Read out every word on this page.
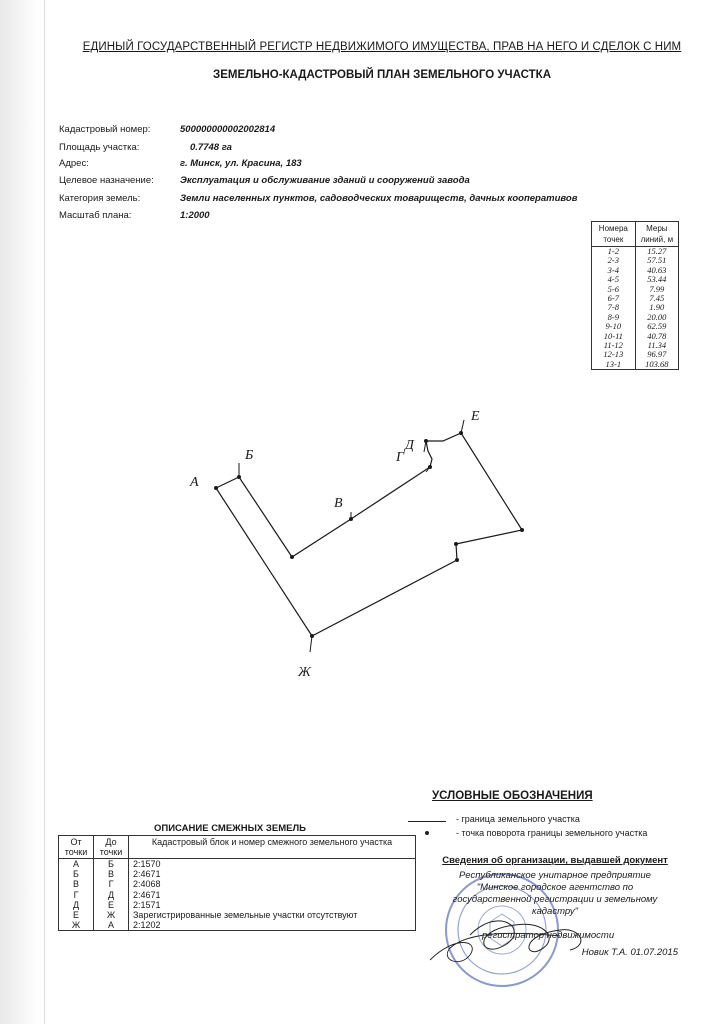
ЕДИНЫЙ ГОСУДАРСТВЕННЫЙ РЕГИСТР НЕДВИЖИМОГО ИМУЩЕСТВА, ПРАВ НА НЕГО И СДЕЛОК С НИМ
ЗЕМЕЛЬНО-КАДАСТРОВЫЙ ПЛАН ЗЕМЕЛЬНОГО УЧАСТКА
Кадастровый номер:	500000000002002814
Площадь участка:	0.7748 га
Адрес:	г. Минск, ул. Красина, 183
Целевое назначение:	Эксплуатация и обслуживание зданий и сооружений завода
Категория земель:	Земли населенных пунктов, садоводческих товариществ, дачных кооперативов
Масштаб плана:	1:2000
Номера точек	Меры линий, м
1-2	15.27
2-3	57.51
3-4	40.63
4-5	53.44
5-6	7.99
6-7	7.45
7-8	1.90
8-9	20.00
9-10	62.59
10-11	40.78
11-12	11.34
12-13	96.97
13-1	103.68
А
Б
В
Г
Д
Е
Ж
УСЛОВНЫЕ ОБОЗНАЧЕНИЯ
- граница земельного участка
- точка поворота границы земельного участка
ОПИСАНИЕ СМЕЖНЫХ ЗЕМЕЛЬ
От точки	До точки	Кадастровый блок и номер смежного земельного участка
А	Б	2:1570
Б	В	2:4671
В	Г	2:4068
Г	Д	2:4671
Д	Е	2:1571
Е	Ж	Зарегистрированные земельные участки отсутствуют
Ж	А	2:1202
Сведения об организации, выдавшей документ
Республиканское унитарное предприятие
"Минское городское агентство по
государственной регистрации и земельному
кадастру"
регистратор недвижимости
Новик Т.А. 01.07.2015
